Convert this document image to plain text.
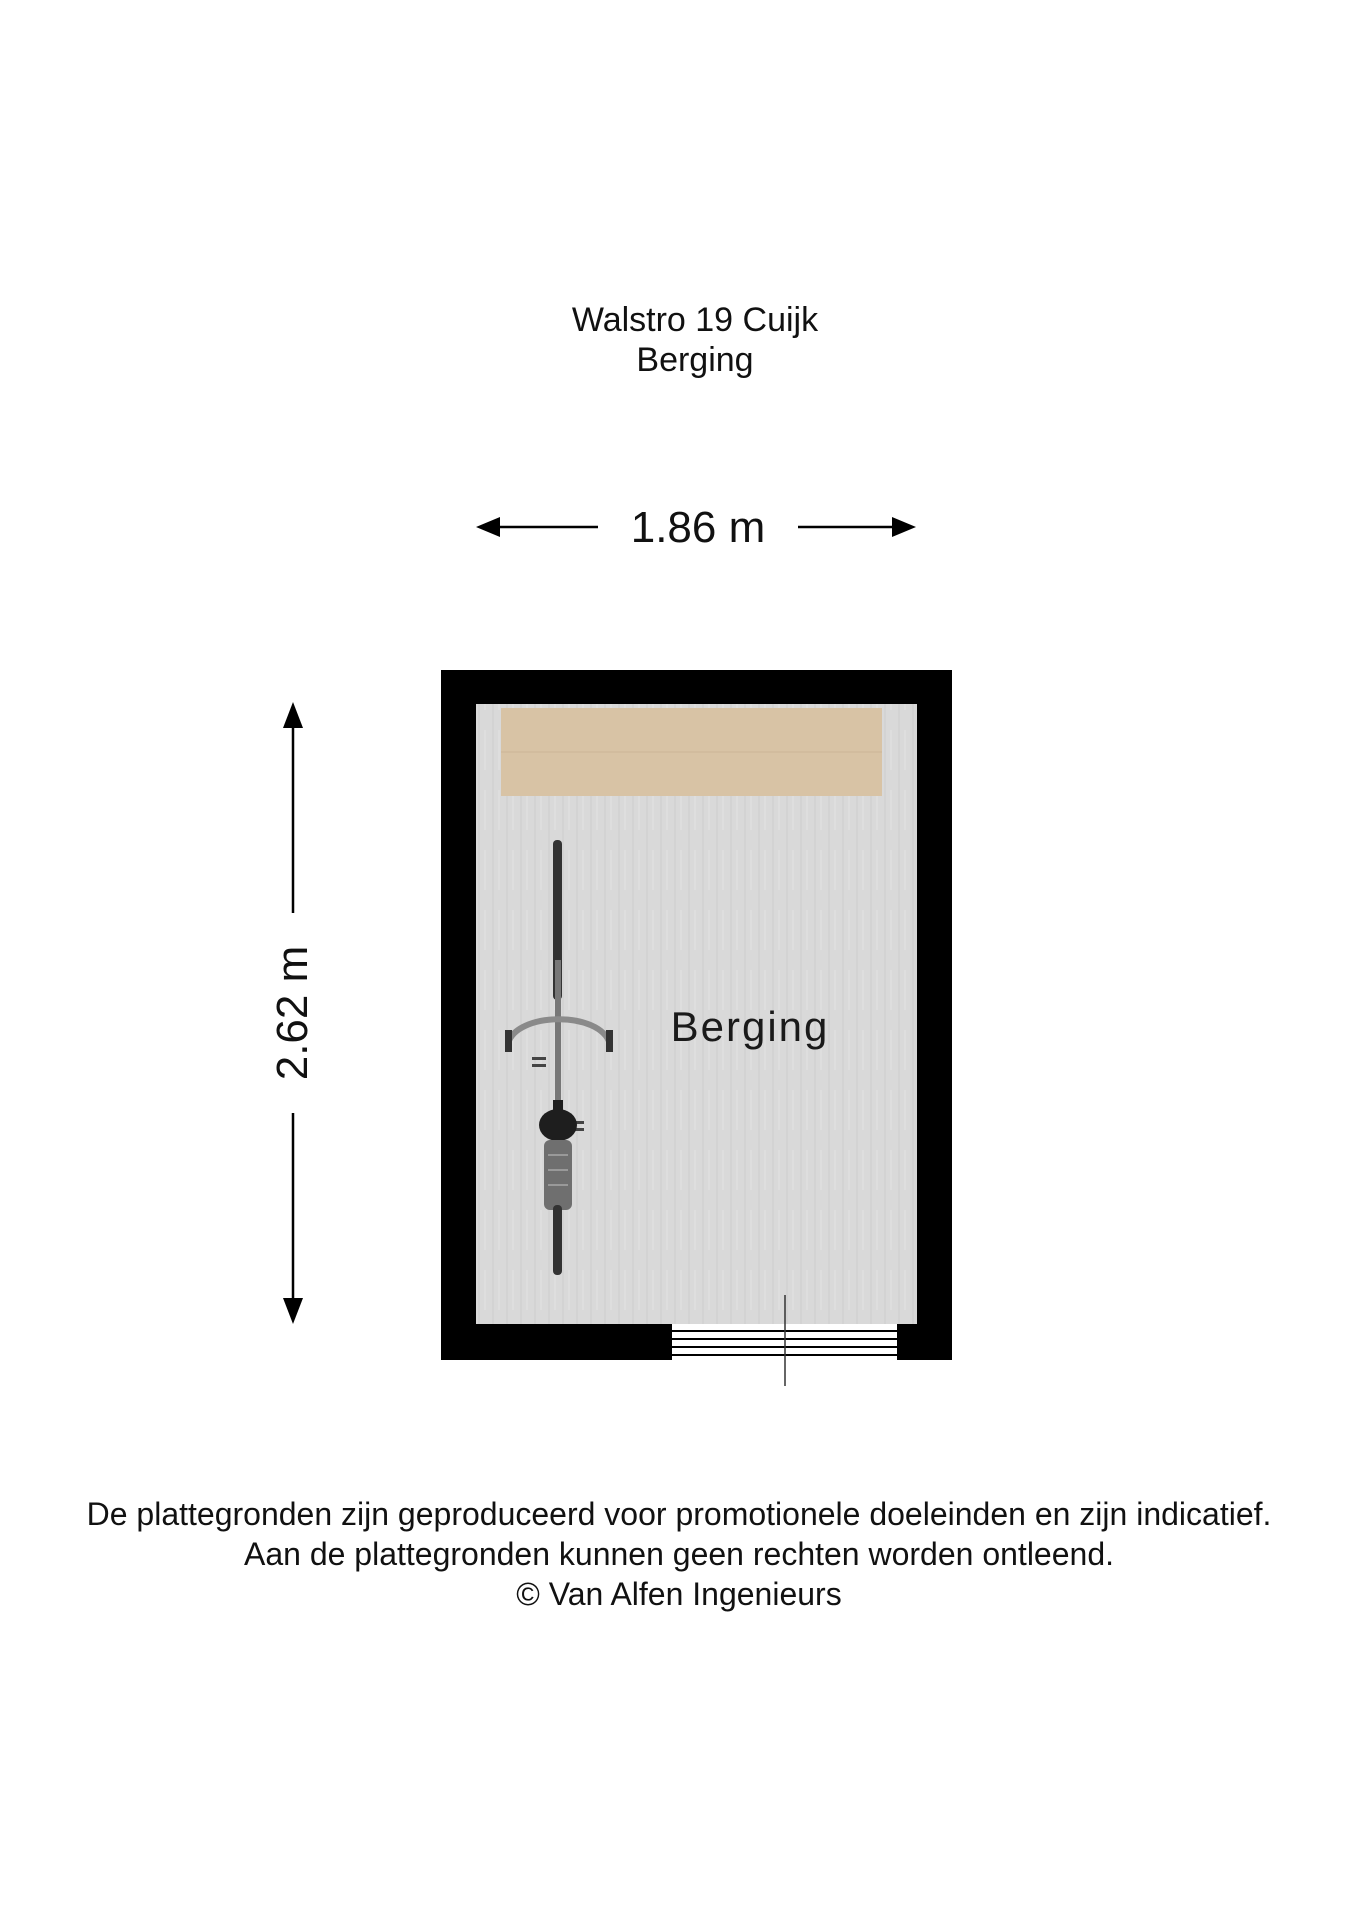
Walstro 19 Cuijk
Berging
1.86 m
2.62 m	Berging
De plattegronden zijn geproduceerd voor promotionele doeleinden en zijn indicatief.
Aan de plattegronden kunnen geen rechten worden ontleend.
© Van Alfen Ingenieurs
